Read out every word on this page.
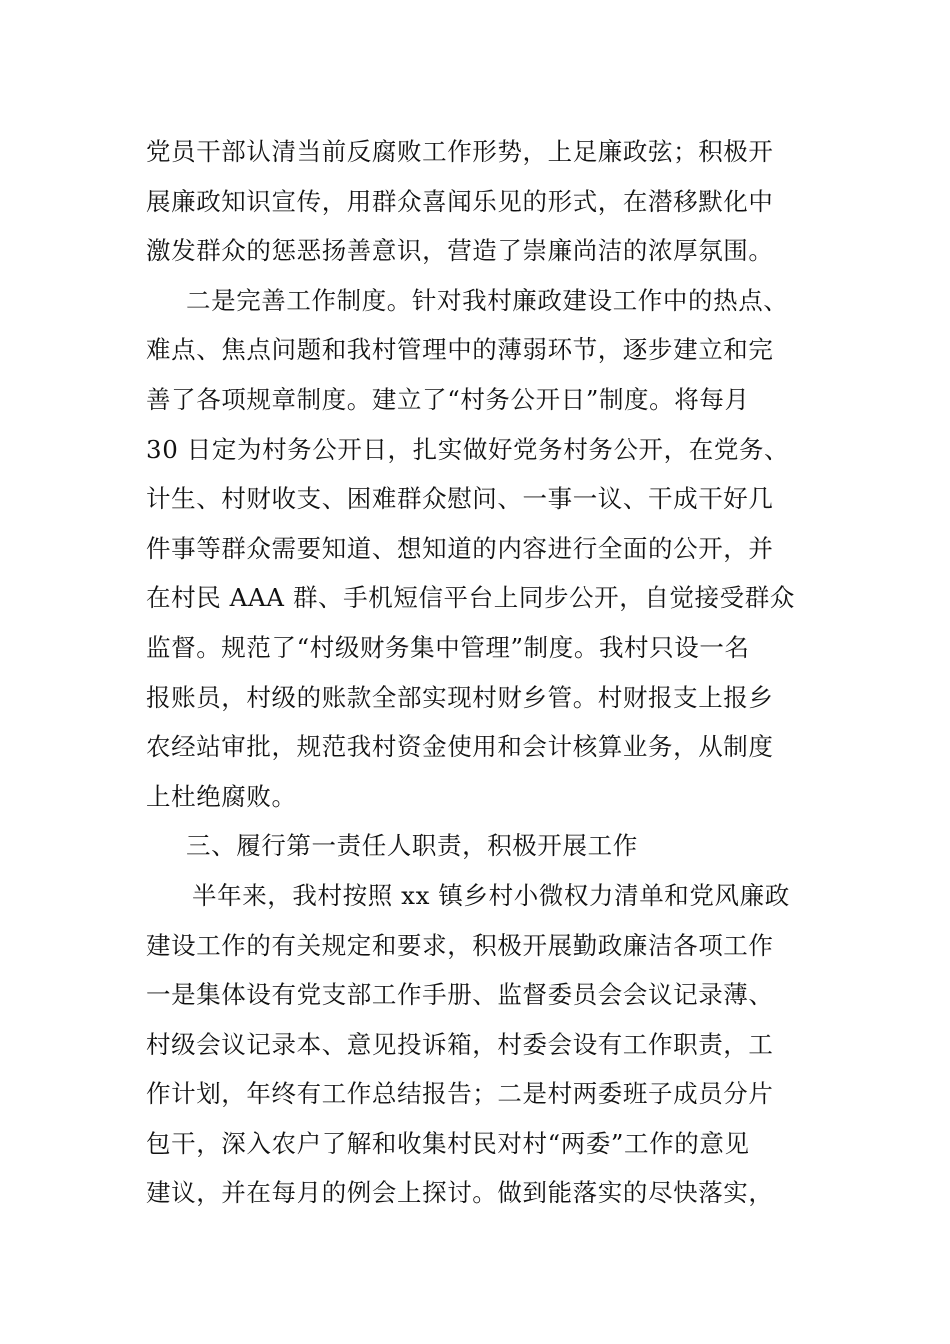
党员干部认清当前反腐败工作形势，上足廉政弦；积极开
展廉政知识宣传，用群众喜闻乐见的形式，在潜移默化中
激发群众的惩恶扬善意识，营造了崇廉尚洁的浓厚氛围。
二是完善工作制度。针对我村廉政建设工作中的热点、
难点、焦点问题和我村管理中的薄弱环节，逐步建立和完
善了各项规章制度。建立了“村务公开日”制度。将每月
30 日定为村务公开日，扎实做好党务村务公开，在党务、
计生、村财收支、困难群众慰问、一事一议、干成干好几
件事等群众需要知道、想知道的内容进行全面的公开，并
在村民 AAA 群、手机短信平台上同步公开，自觉接受群众
监督。规范了“村级财务集中管理”制度。我村只设一名
报账员，村级的账款全部实现村财乡管。村财报支上报乡
农经站审批，规范我村资金使用和会计核算业务，从制度
上杜绝腐败。
三、履行第一责任人职责，积极开展工作
半年来，我村按照 xx 镇乡村小微权力清单和党风廉政
建设工作的有关规定和要求，积极开展勤政廉洁各项工作
一是集体设有党支部工作手册、监督委员会会议记录薄、
村级会议记录本、意见投诉箱，村委会设有工作职责，工
作计划，年终有工作总结报告；二是村两委班子成员分片
包干，深入农户了解和收集村民对村“两委”工作的意见
建议，并在每月的例会上探讨。做到能落实的尽快落实，
